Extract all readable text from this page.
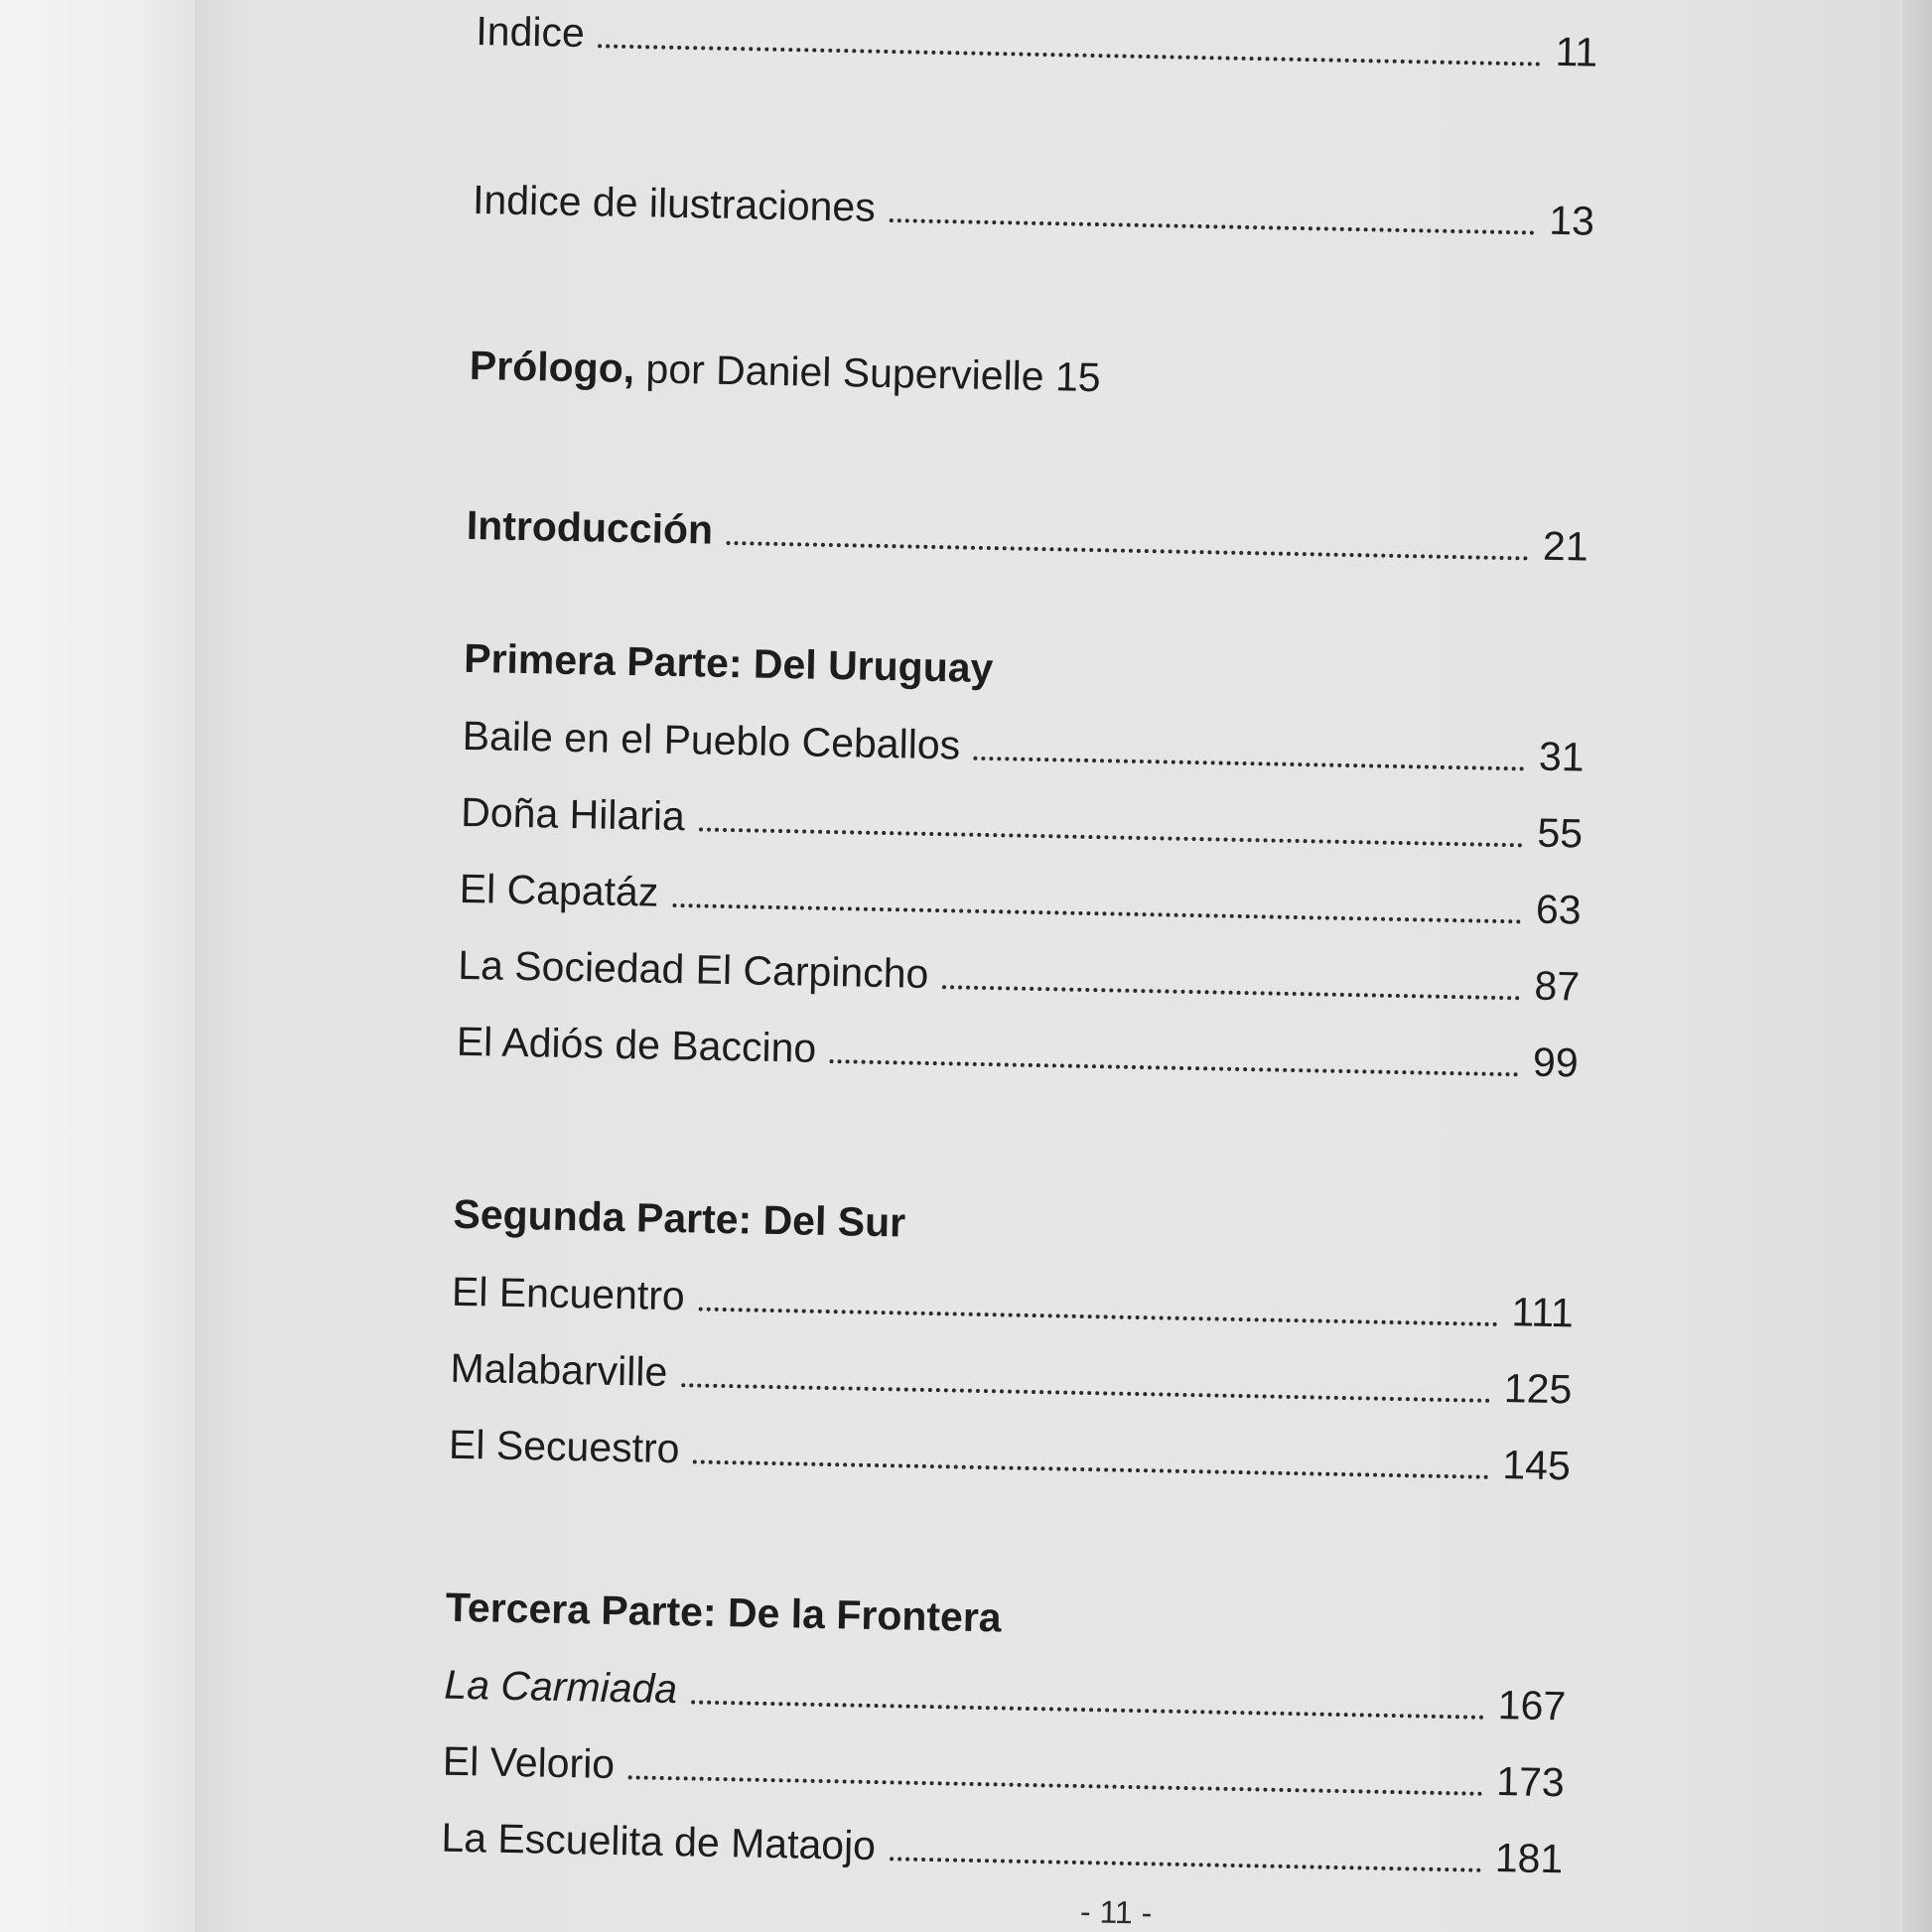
Indice	11
Indice de ilustraciones	13
Prólogo, por Daniel Supervielle 15
Introducción	21
Primera Parte: Del Uruguay
Baile en el Pueblo Ceballos	31
Doña Hilaria	55
El Capatáz	63
La Sociedad El Carpincho	87
El Adiós de Baccino	99
Segunda Parte: Del Sur
El Encuentro	111
Malabarville	125
El Secuestro	145
Tercera Parte: De la Frontera
La Carmiada	167
El Velorio	173
La Escuelita de Mataojo	181
- 11 -
